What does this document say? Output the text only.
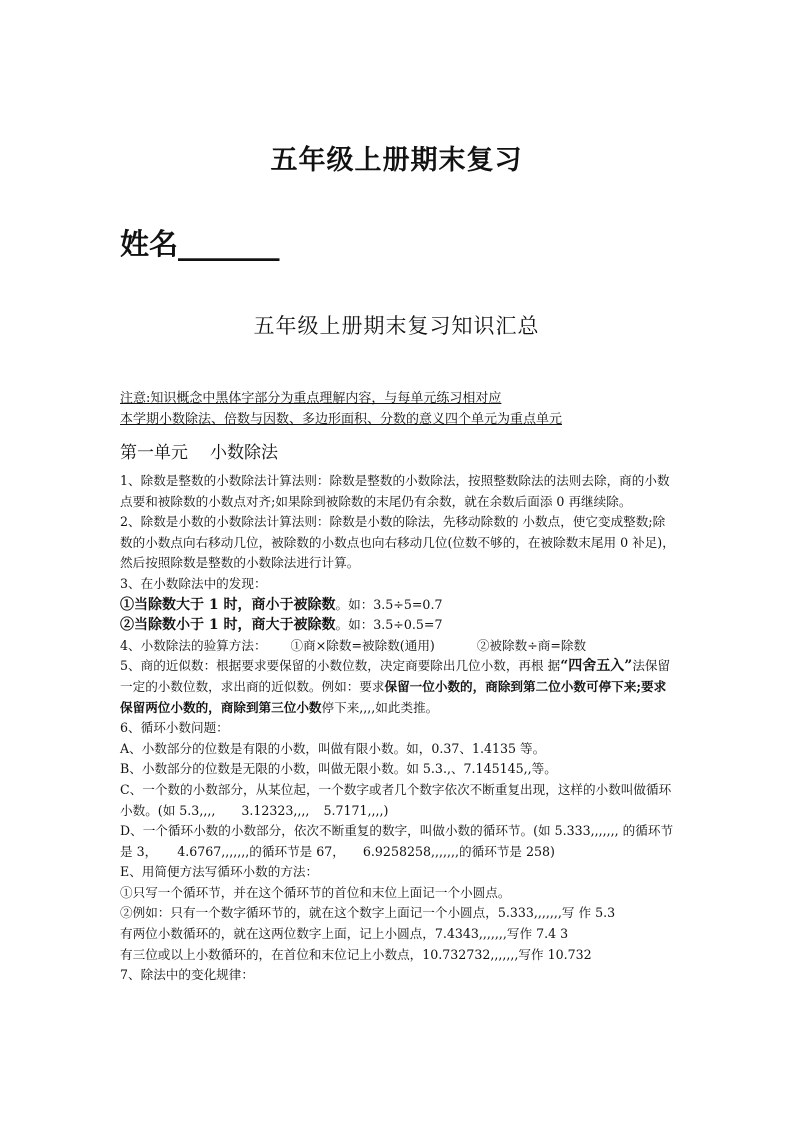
五年级上册期末复习
姓名_______
五年级上册期末复习知识汇总
注意:知识概念中黑体字部分为重点理解内容，与每单元练习相对应
本学期小数除法、倍数与因数、多边形面积、分数的意义四个单元为重点单元
第一单元 小数除法

1、除数是整数的小数除法计算法则：除数是整数的小数除法，按照整数除法的法则去除，商的小数点要和被除数的小数点对齐;如果除到被除数的末尾仍有余数，就在余数后面添 0 再继续除。

2、除数是小数的小数除法计算法则：除数是小数的除法，先移动除数的 小数点，使它变成整数;除数的小数点向右移动几位，被除数的小数点也向右移动几位(位数不够的，在被除数末尾用 0 补足)，然后按照除数是整数的小数除法进行计算。

3、在小数除法中的发现：

①当除数大于 1 时，商小于被除数。如：3.5÷5=0.7

②当除数小于 1 时，商大于被除数。如：3.5÷0.5=7

4、小数除法的验算方法： ①商×除数=被除数(通用)	②被除数÷商=除数

5、商的近似数：根据要求要保留的小数位数，决定商要除出几位小数，再根 据“四舍五入”法保留一定的小数位数，求出商的近似数。例如：要求保留一位小数的，商除到第二位小数可停下来;要求保留两位小数的，商除到第三位小数停下来,,,,如此类推。

6、循环小数问题：

A、小数部分的位数是有限的小数，叫做有限小数。如，0.37、1.4135 等。

B、小数部分的位数是无限的小数，叫做无限小数。如 5.3.,、7.145145,,等。

C、一个数的小数部分，从某位起，一个数字或者几个数字依次不断重复出现，这样的小数叫做循环小数。(如 5.3,,,, 3.12323,,,, 5.7171,,,,)

D、一个循环小数的小数部分，依次不断重复的数字，叫做小数的循环节。(如 5.333,,,,,,, 的循环节是 3， 4.6767,,,,,,,的循环节是 67， 6.9258258,,,,,,,的循环节是 258)

E、用简便方法写循环小数的方法：

①只写一个循环节，并在这个循环节的首位和末位上面记一个小圆点。

②例如：只有一个数字循环节的，就在这个数字上面记一个小圆点，5.333,,,,,,,写 作 5.3

有两位小数循环的，就在这两位数字上面，记上小圆点，7.4343,,,,,,,写作 7.4 3

有三位或以上小数循环的，在首位和末位记上小数点，10.732732,,,,,,,写作 10.732

7、除法中的变化规律：
